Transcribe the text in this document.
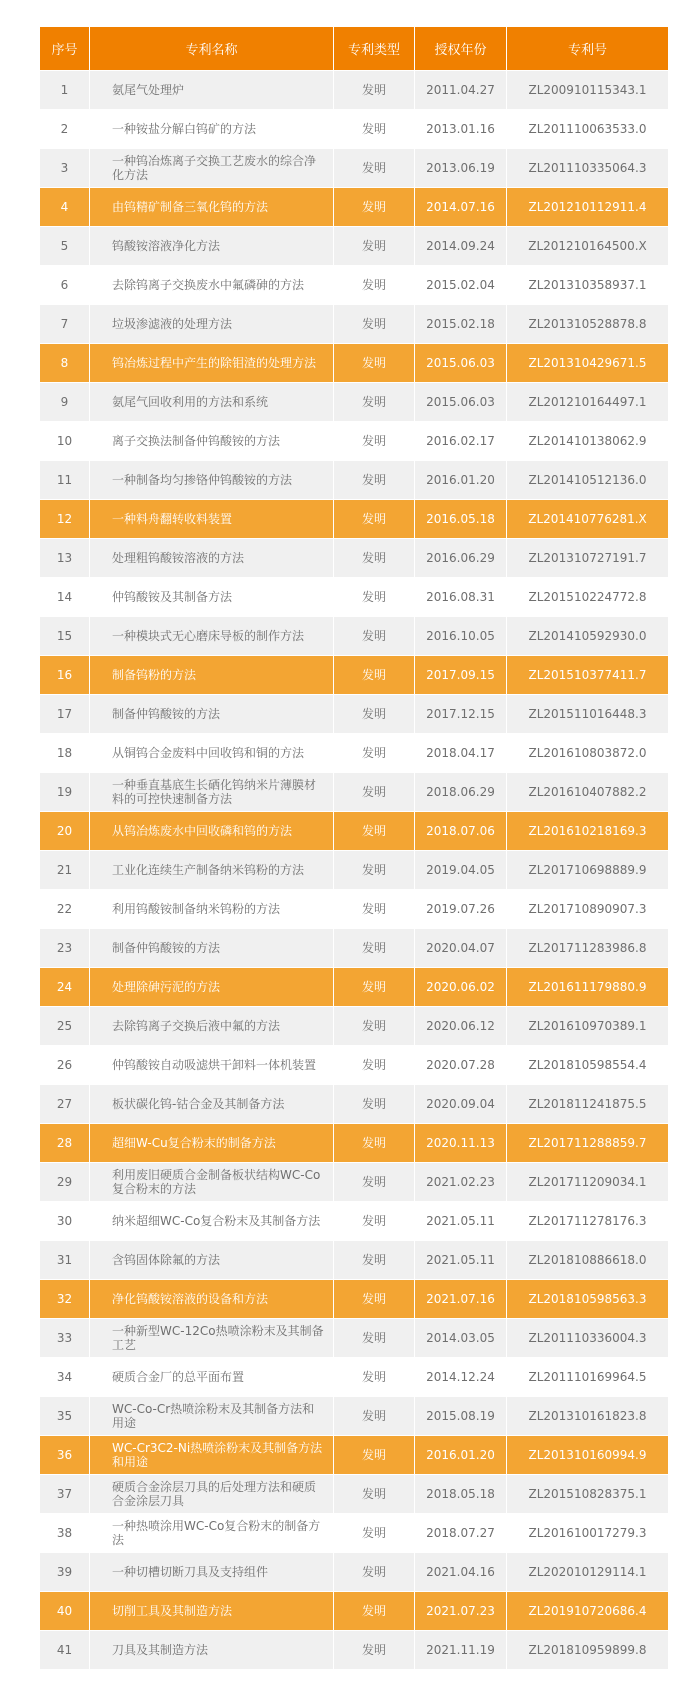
序号	专利名称	专利类型	授权年份	专利号
1	氨尾气处理炉	发明	2011.04.27	ZL200910115343.1
2	一种铵盐分解白钨矿的方法	发明	2013.01.16	ZL201110063533.0
3	一种钨冶炼离子交换工艺废水的综合净化方法	发明	2013.06.19	ZL201110335064.3
4	由钨精矿制备三氧化钨的方法	发明	2014.07.16	ZL201210112911.4
5	钨酸铵溶液净化方法	发明	2014.09.24	ZL201210164500.X
6	去除钨离子交换废水中氟磷砷的方法	发明	2015.02.04	ZL201310358937.1
7	垃圾渗滤液的处理方法	发明	2015.02.18	ZL201310528878.8
8	钨冶炼过程中产生的除钼渣的处理方法	发明	2015.06.03	ZL201310429671.5
9	氨尾气回收利用的方法和系统	发明	2015.06.03	ZL201210164497.1
10	离子交换法制备仲钨酸铵的方法	发明	2016.02.17	ZL201410138062.9
11	一种制备均匀掺铬仲钨酸铵的方法	发明	2016.01.20	ZL201410512136.0
12	一种料舟翻转收料装置	发明	2016.05.18	ZL201410776281.X
13	处理粗钨酸铵溶液的方法	发明	2016.06.29	ZL201310727191.7
14	仲钨酸铵及其制备方法	发明	2016.08.31	ZL201510224772.8
15	一种模块式无心磨床导板的制作方法	发明	2016.10.05	ZL201410592930.0
16	制备钨粉的方法	发明	2017.09.15	ZL201510377411.7
17	制备仲钨酸铵的方法	发明	2017.12.15	ZL201511016448.3
18	从铜钨合金废料中回收钨和铜的方法	发明	2018.04.17	ZL201610803872.0
19	一种垂直基底生长硒化钨纳米片薄膜材料的可控快速制备方法	发明	2018.06.29	ZL201610407882.2
20	从钨冶炼废水中回收磷和钨的方法	发明	2018.07.06	ZL201610218169.3
21	工业化连续生产制备纳米钨粉的方法	发明	2019.04.05	ZL201710698889.9
22	利用钨酸铵制备纳米钨粉的方法	发明	2019.07.26	ZL201710890907.3
23	制备仲钨酸铵的方法	发明	2020.04.07	ZL201711283986.8
24	处理除砷污泥的方法	发明	2020.06.02	ZL201611179880.9
25	去除钨离子交换后液中氟的方法	发明	2020.06.12	ZL201610970389.1
26	仲钨酸铵自动吸滤烘干卸料一体机装置	发明	2020.07.28	ZL201810598554.4
27	板状碳化钨-钴合金及其制备方法	发明	2020.09.04	ZL201811241875.5
28	超细W-Cu复合粉末的制备方法	发明	2020.11.13	ZL201711288859.7
29	利用废旧硬质合金制备板状结构WC-Co复合粉末的方法	发明	2021.02.23	ZL201711209034.1
30	纳米超细WC-Co复合粉末及其制备方法	发明	2021.05.11	ZL201711278176.3
31	含钨固体除氟的方法	发明	2021.05.11	ZL201810886618.0
32	净化钨酸铵溶液的设备和方法	发明	2021.07.16	ZL201810598563.3
33	一种新型WC-12Co热喷涂粉末及其制备工艺	发明	2014.03.05	ZL201110336004.3
34	硬质合金厂的总平面布置	发明	2014.12.24	ZL201110169964.5
35	WC-Co-Cr热喷涂粉末及其制备方法和用途	发明	2015.08.19	ZL201310161823.8
36	WC-Cr3C2-Ni热喷涂粉末及其制备方法和用途	发明	2016.01.20	ZL201310160994.9
37	硬质合金涂层刀具的后处理方法和硬质合金涂层刀具	发明	2018.05.18	ZL201510828375.1
38	一种热喷涂用WC-Co复合粉末的制备方法	发明	2018.07.27	ZL201610017279.3
39	一种切槽切断刀具及支持组件	发明	2021.04.16	ZL202010129114.1
40	切削工具及其制造方法	发明	2021.07.23	ZL201910720686.4
41	刀具及其制造方法	发明	2021.11.19	ZL201810959899.8
